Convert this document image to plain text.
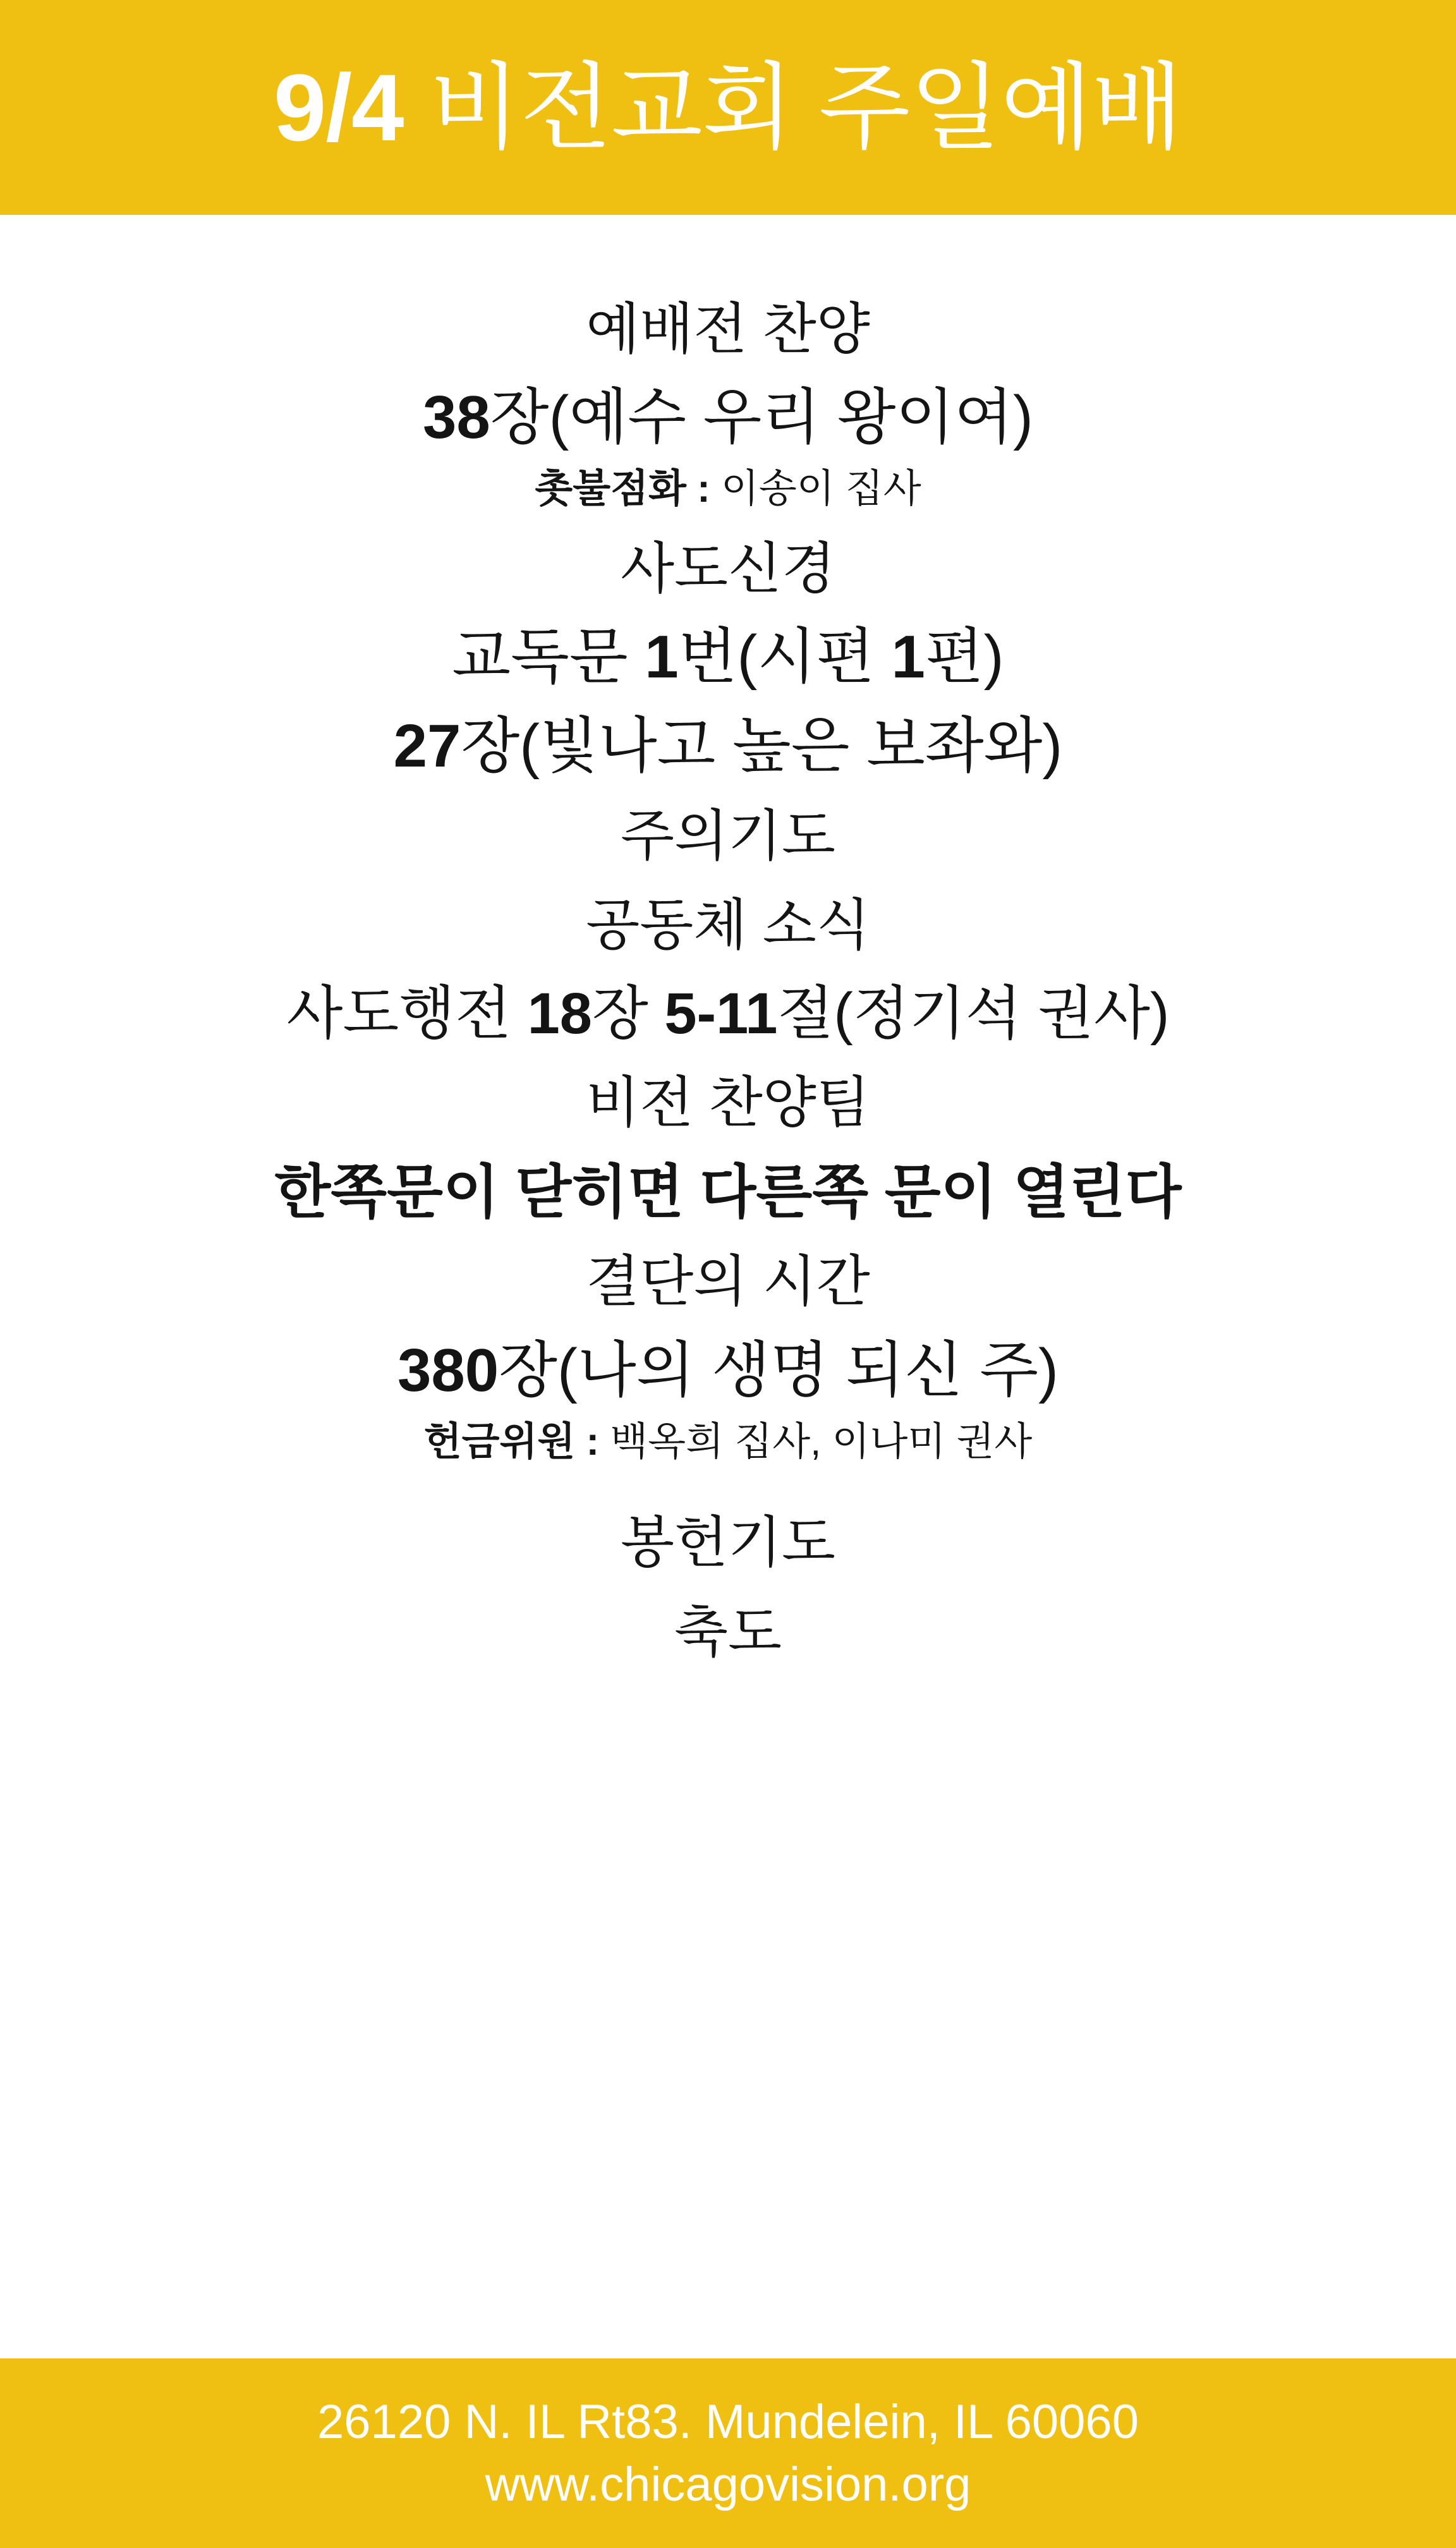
9/4 비전교회 주일예배
예배전 찬양
38장(예수 우리 왕이여)
촛불점화 : 이송이 집사
사도신경
교독문 1번(시편 1편)
27장(빛나고 높은 보좌와)
주의기도
공동체 소식
사도행전 18장 5-11절(정기석 권사)
비전 찬양팀
한쪽문이 닫히면 다른쪽 문이 열린다
결단의 시간
380장(나의 생명 되신 주)
헌금위원 : 백옥희 집사, 이나미 권사
봉헌기도
축도
26120 N. IL Rt83. Mundelein, IL 60060
www.chicagovision.org
